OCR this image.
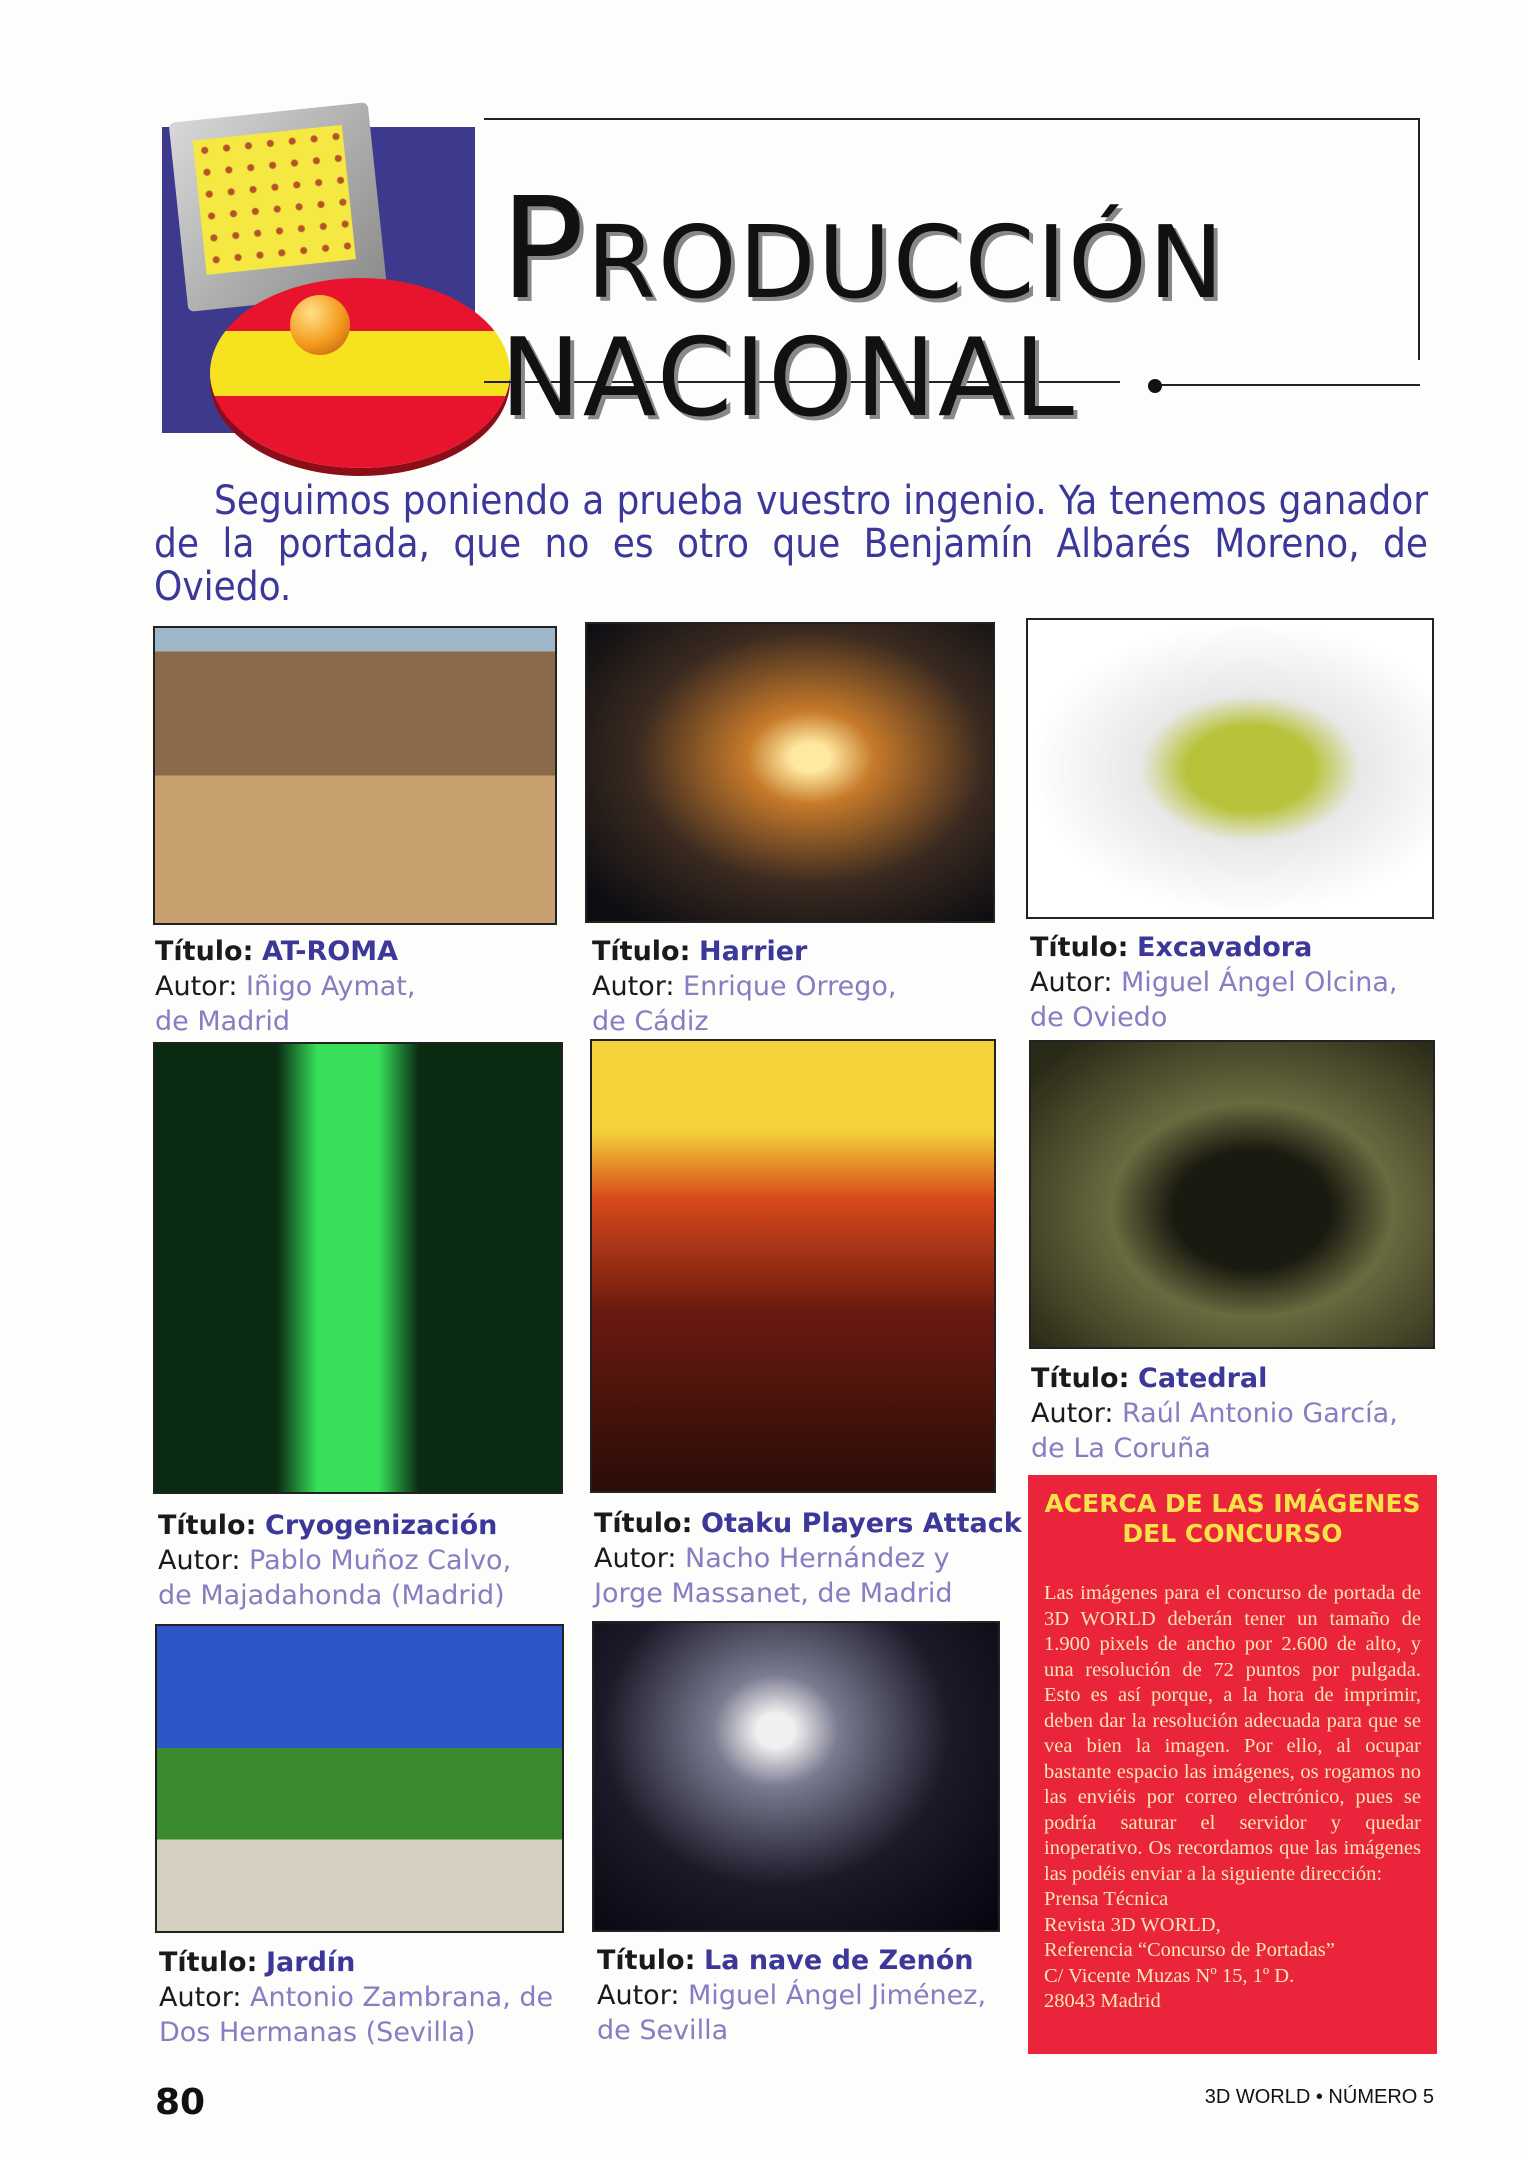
PRODUCCIÓN
NACIONAL

Seguimos poniendo a prueba vuestro ingenio. Ya tenemos ganador de la portada, que no es otro que Benjamín Albarés Moreno, de Oviedo.

Título: AT-ROMA
Autor: Iñigo Aymat,
de Madrid
Título: Harrier
Autor: Enrique Orrego,
de Cádiz
Título: Excavadora
Autor: Miguel Ángel Olcina,
de Oviedo
Título: Cryogenización
Autor: Pablo Muñoz Calvo,
de Majadahonda (Madrid)
Título: Otaku Players Attack
Autor: Nacho Hernández y
Jorge Massanet, de Madrid
Título: Catedral
Autor: Raúl Antonio García,
de La Coruña
Título: Jardín
Autor: Antonio Zambrana, de
Dos Hermanas (Sevilla)
Título: La nave de Zenón
Autor: Miguel Ángel Jiménez,
de Sevilla
ACERCA DE LAS IMÁGENES DEL CONCURSO

Las imágenes para el concurso de portada de 3D WORLD deberán tener un tamaño de 1.900 pixels de ancho por 2.600 de alto, y una resolución de 72 puntos por pulgada. Esto es así porque, a la hora de imprimir, deben dar la resolución adecuada para que se vea bien la imagen. Por ello, al ocupar bastante espacio las imágenes, os rogamos no las enviéis por correo electrónico, pues se podría saturar el servidor y quedar inoperativo. Os recordamos que las imágenes las podéis enviar a la siguiente dirección:

Prensa Técnica
Revista 3D WORLD,
Referencia “Concurso de Portadas”
C/ Vicente Muzas Nº 15, 1º D.
28043 Madrid

80	3D WORLD • NÚMERO 5
